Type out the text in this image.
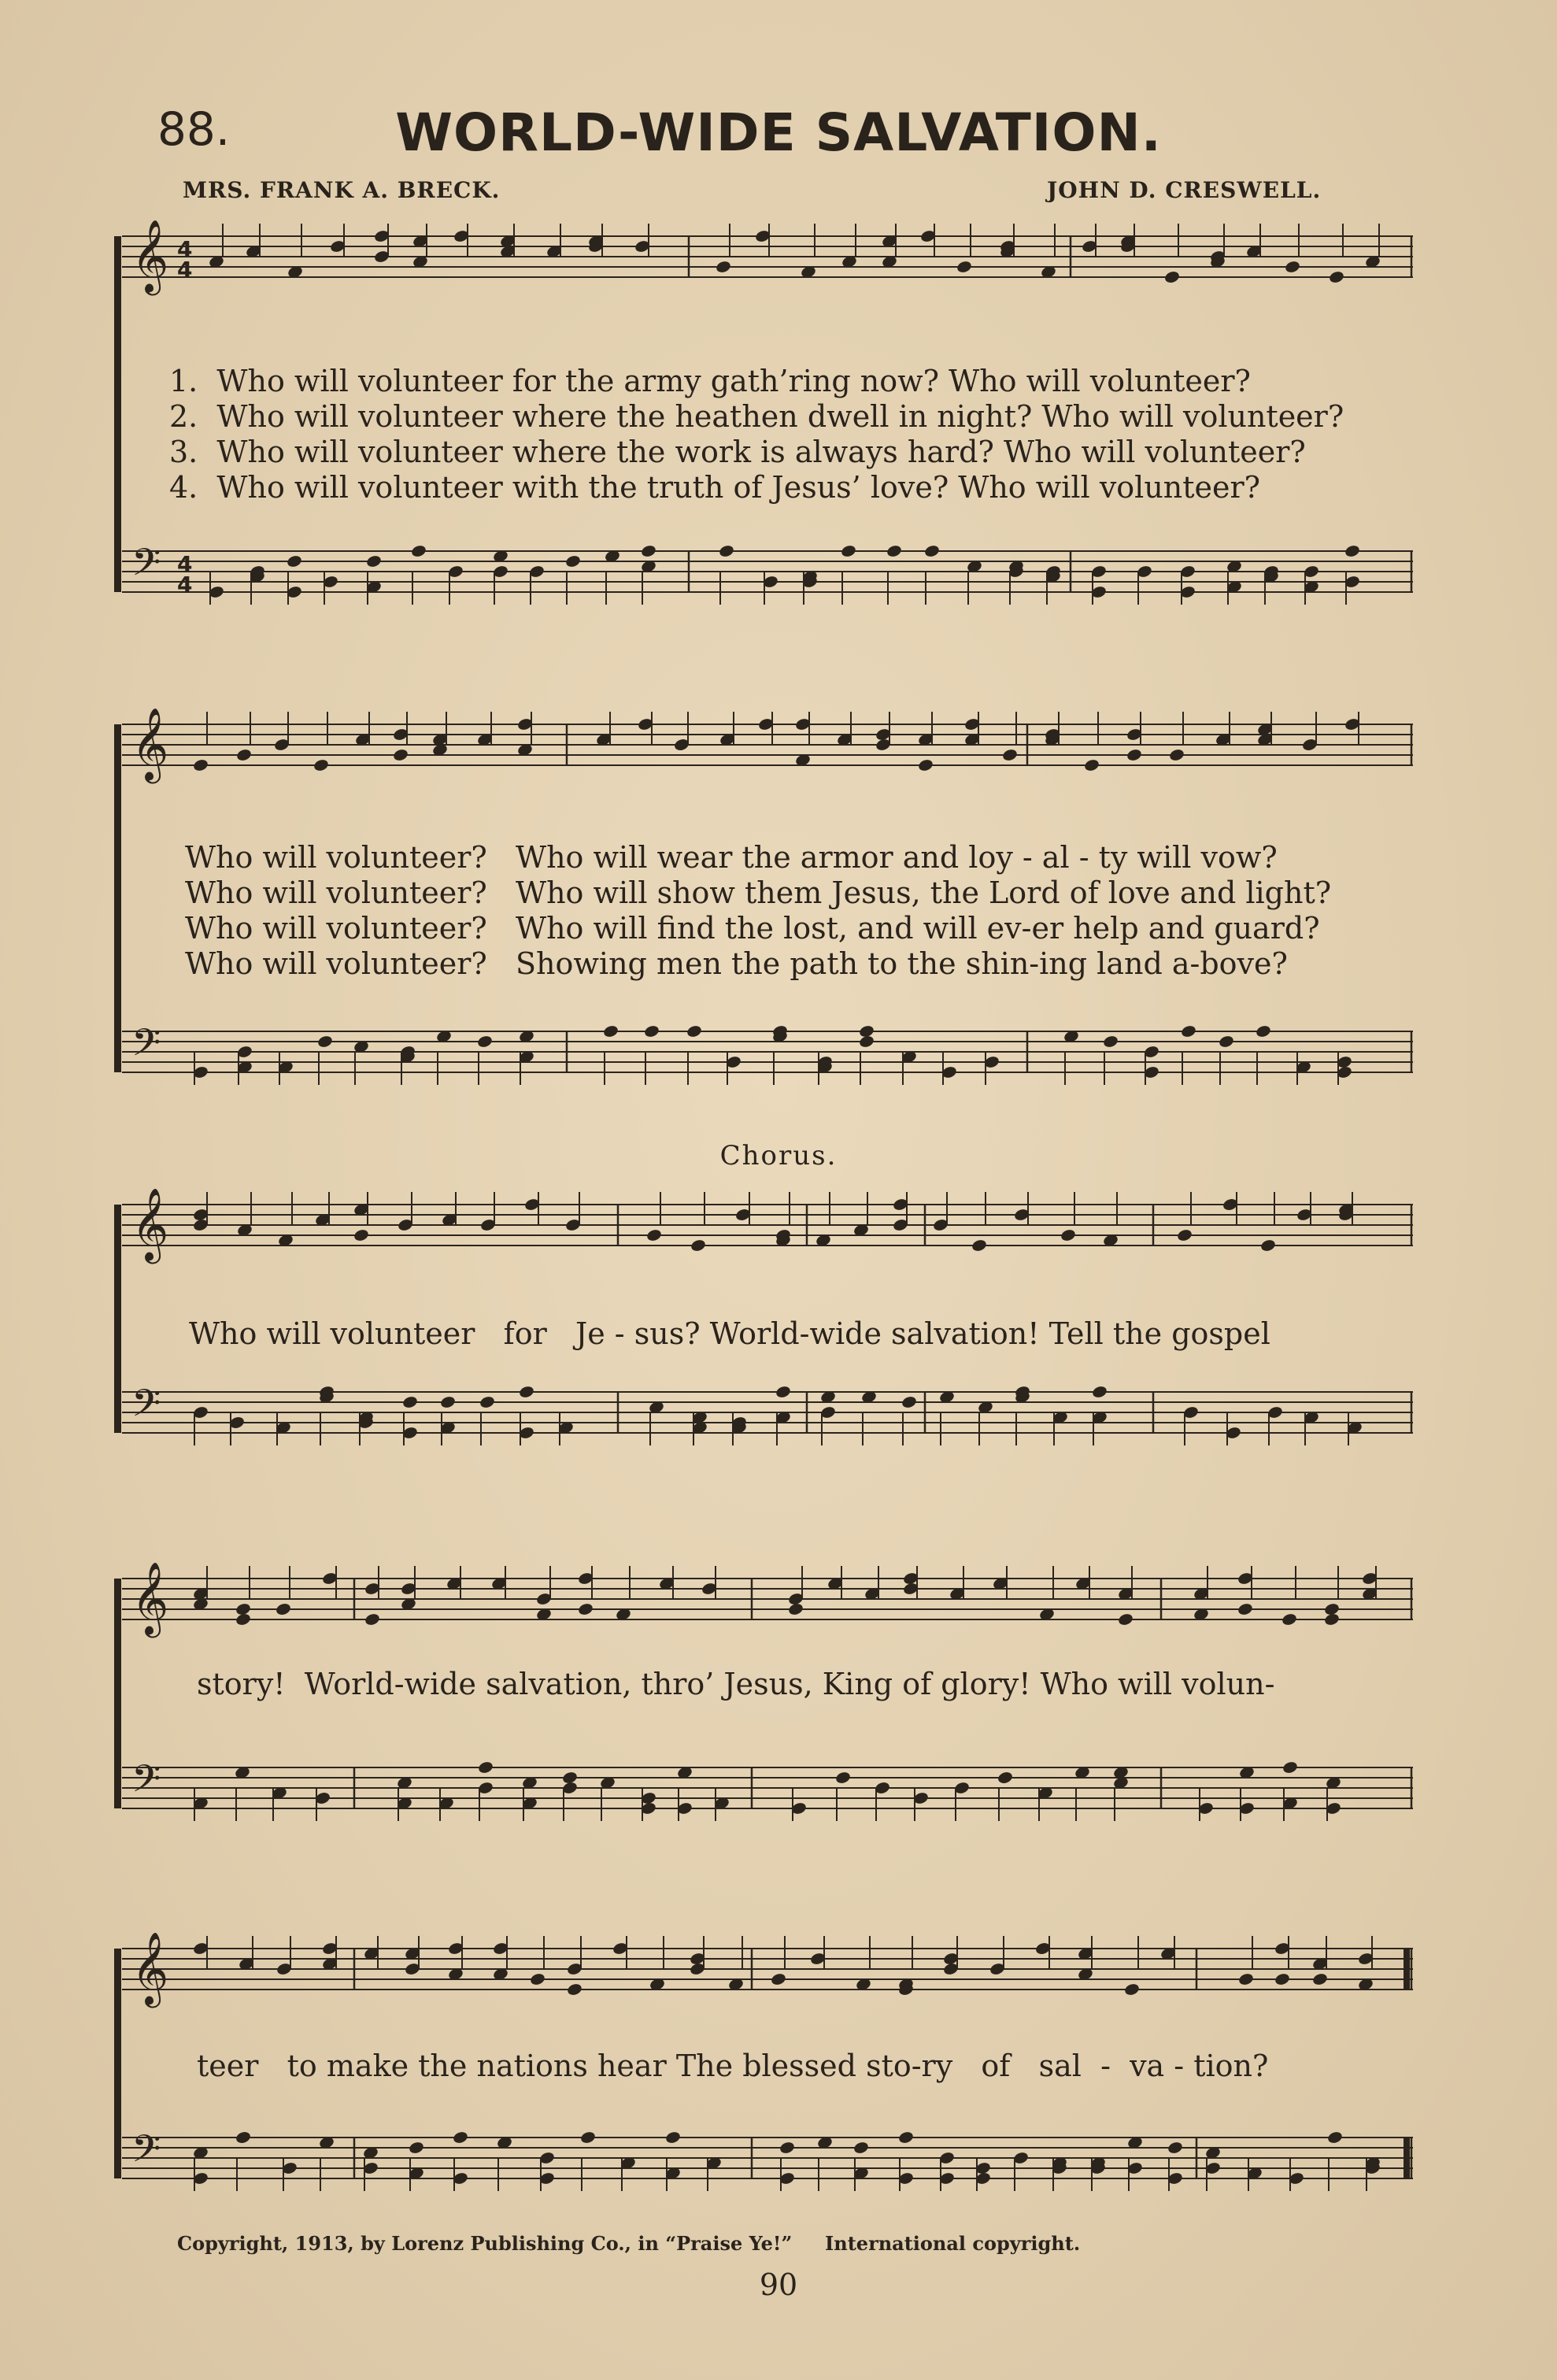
88.	WORLD-WIDE SALVATION.
MRS. FRANK A. BRECK.	JOHN D. CRESWELL.
𝄞 4
4
𝄢 4
4
1.  Who will volunteer for the army gath’ring now? Who will volunteer?
2.  Who will volunteer where the heathen dwell in night? Who will volunteer?
3.  Who will volunteer where the work is always hard? Who will volunteer?
4.  Who will volunteer with the truth of Jesus’ love? Who will volunteer?
𝄞
𝄢
Who will volunteer?   Who will wear the armor and loy - al - ty will vow?
Who will volunteer?   Who will show them Jesus, the Lord of love and light?
Who will volunteer?   Who will find the lost, and will ev-er help and guard?
Who will volunteer?   Showing men the path to the shin-ing land a-bove?
Chorus.
𝄞
𝄢
Who will volunteer   for   Je - sus? World-wide salvation! Tell the gospel
𝄞
𝄢
story!  World-wide salvation, thro’ Jesus, King of glory! Who will volun-
𝄞
𝄢
teer   to make the nations hear The blessed sto-ry   of   sal  -  va - tion?
Copyright, 1913, by Lorenz Publishing Co., in “Praise Ye!”     International copyright.
90
